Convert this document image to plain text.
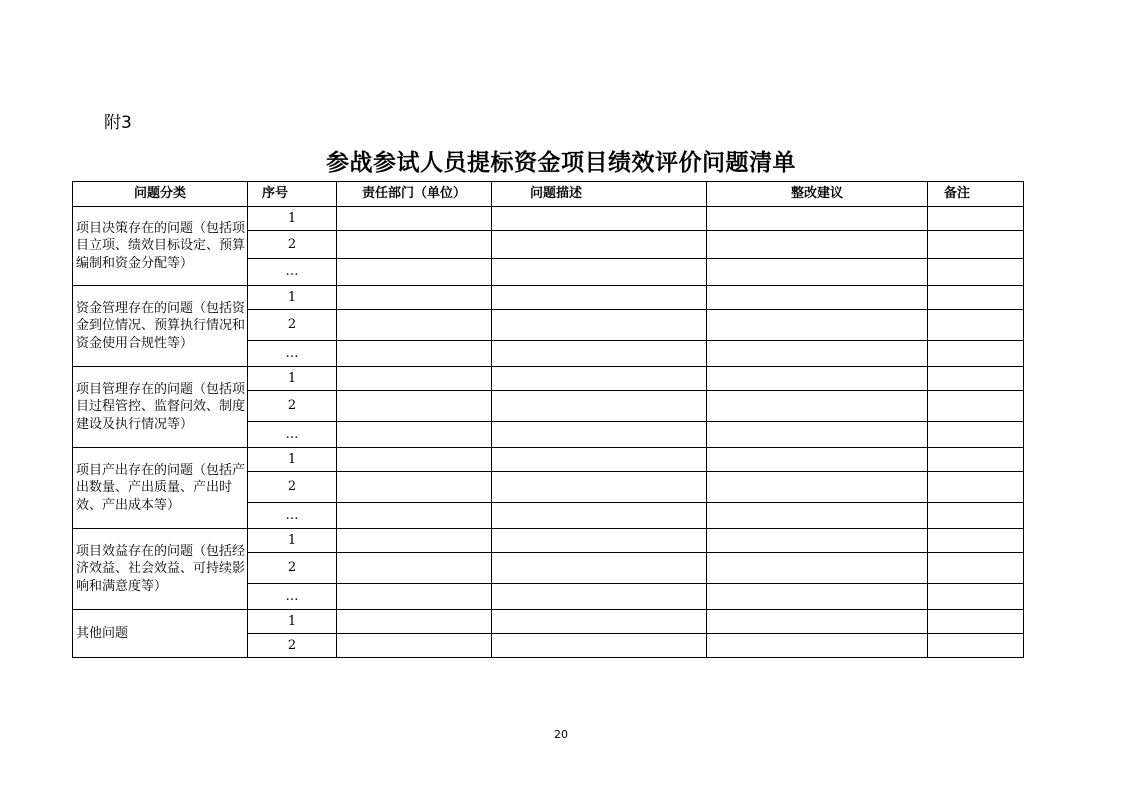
附3
参战参试人员提标资金项目绩效评价问题清单
问题分类	序号	责任部门（单位）	问题描述	整改建议	备注
项目决策存在的问题（包括项目立项、绩效目标设定、预算编制和资金分配等）	1				
	2				
	…				
资金管理存在的问题（包括资金到位情况、预算执行情况和资金使用合规性等）	1				
	2				
	…				
项目管理存在的问题（包括项目过程管控、监督问效、制度建设及执行情况等）	1				
	2				
	…				
项目产出存在的问题（包括产出数量、产出质量、产出时效、产出成本等）	1				
	2				
	…				
项目效益存在的问题（包括经济效益、社会效益、可持续影响和满意度等）	1				
	2				
	…				
其他问题	1				
	2				
20
